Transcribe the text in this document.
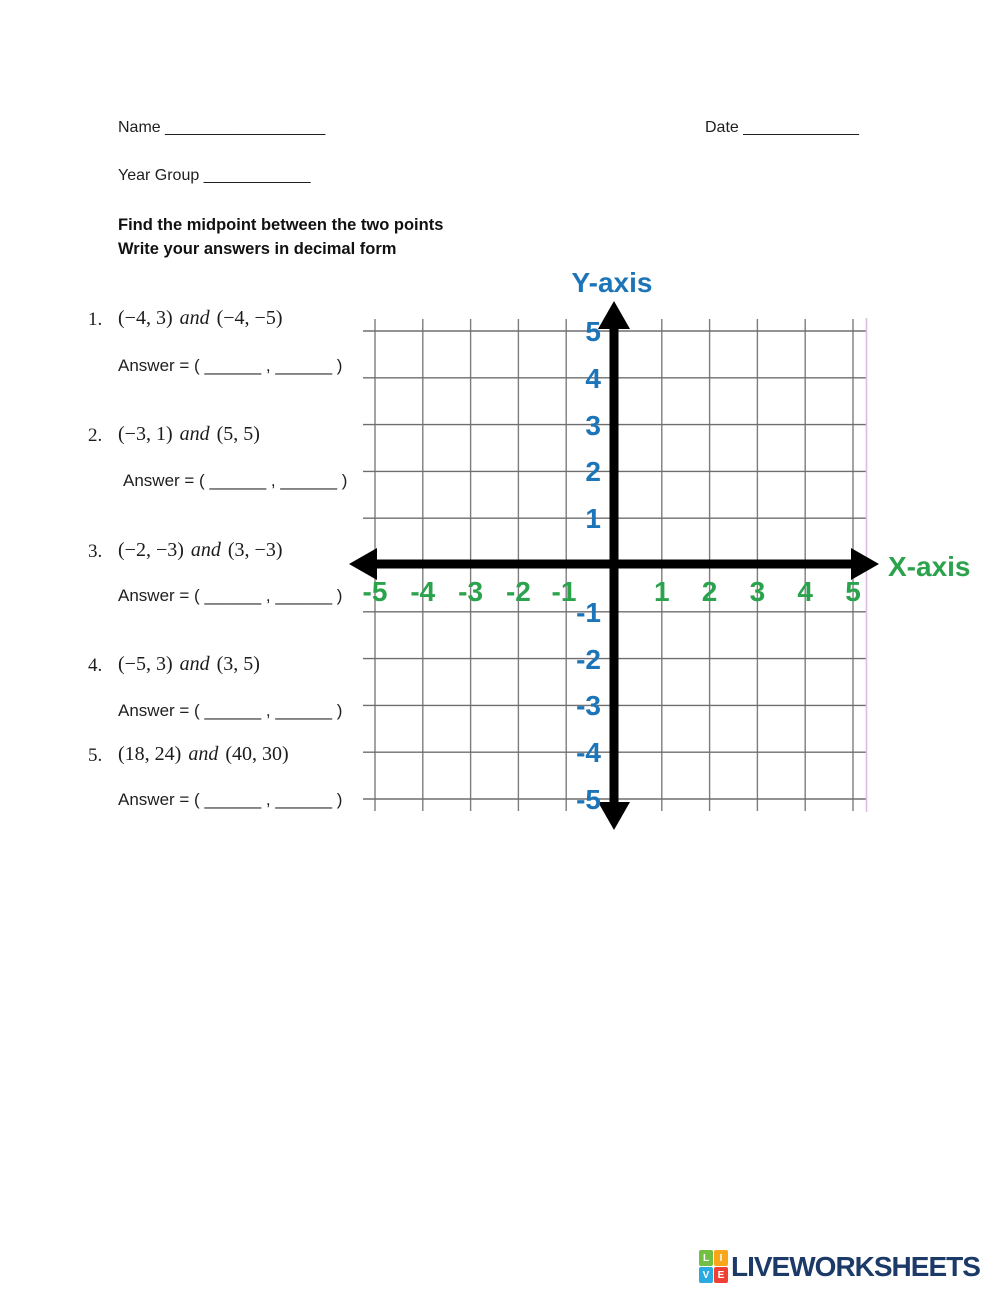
Name __________________	Date _____________
Year Group ____________
Find the midpoint between the two points
Write your answers in decimal form
1. (−4, 3) and (−4, −5)
Answer = ( ______ , ______ )
2. (−3, 1) and (5, 5)
Answer = ( ______ , ______ )
3. (−2, −3) and (3, −3)
Answer = ( ______ , ______ )
4. (−5, 3) and (3, 5)
Answer = ( ______ , ______ )
5. (18, 24) and (40, 30)
Answer = ( ______ , ______ )
Y-axis
X-axis
-5 -4 -3 -2 -1	1 2 3 4 5
5
4
3
2
1
-1
-2
-3
-4
-5
L	I
V E LIVEWORKSHEETS
